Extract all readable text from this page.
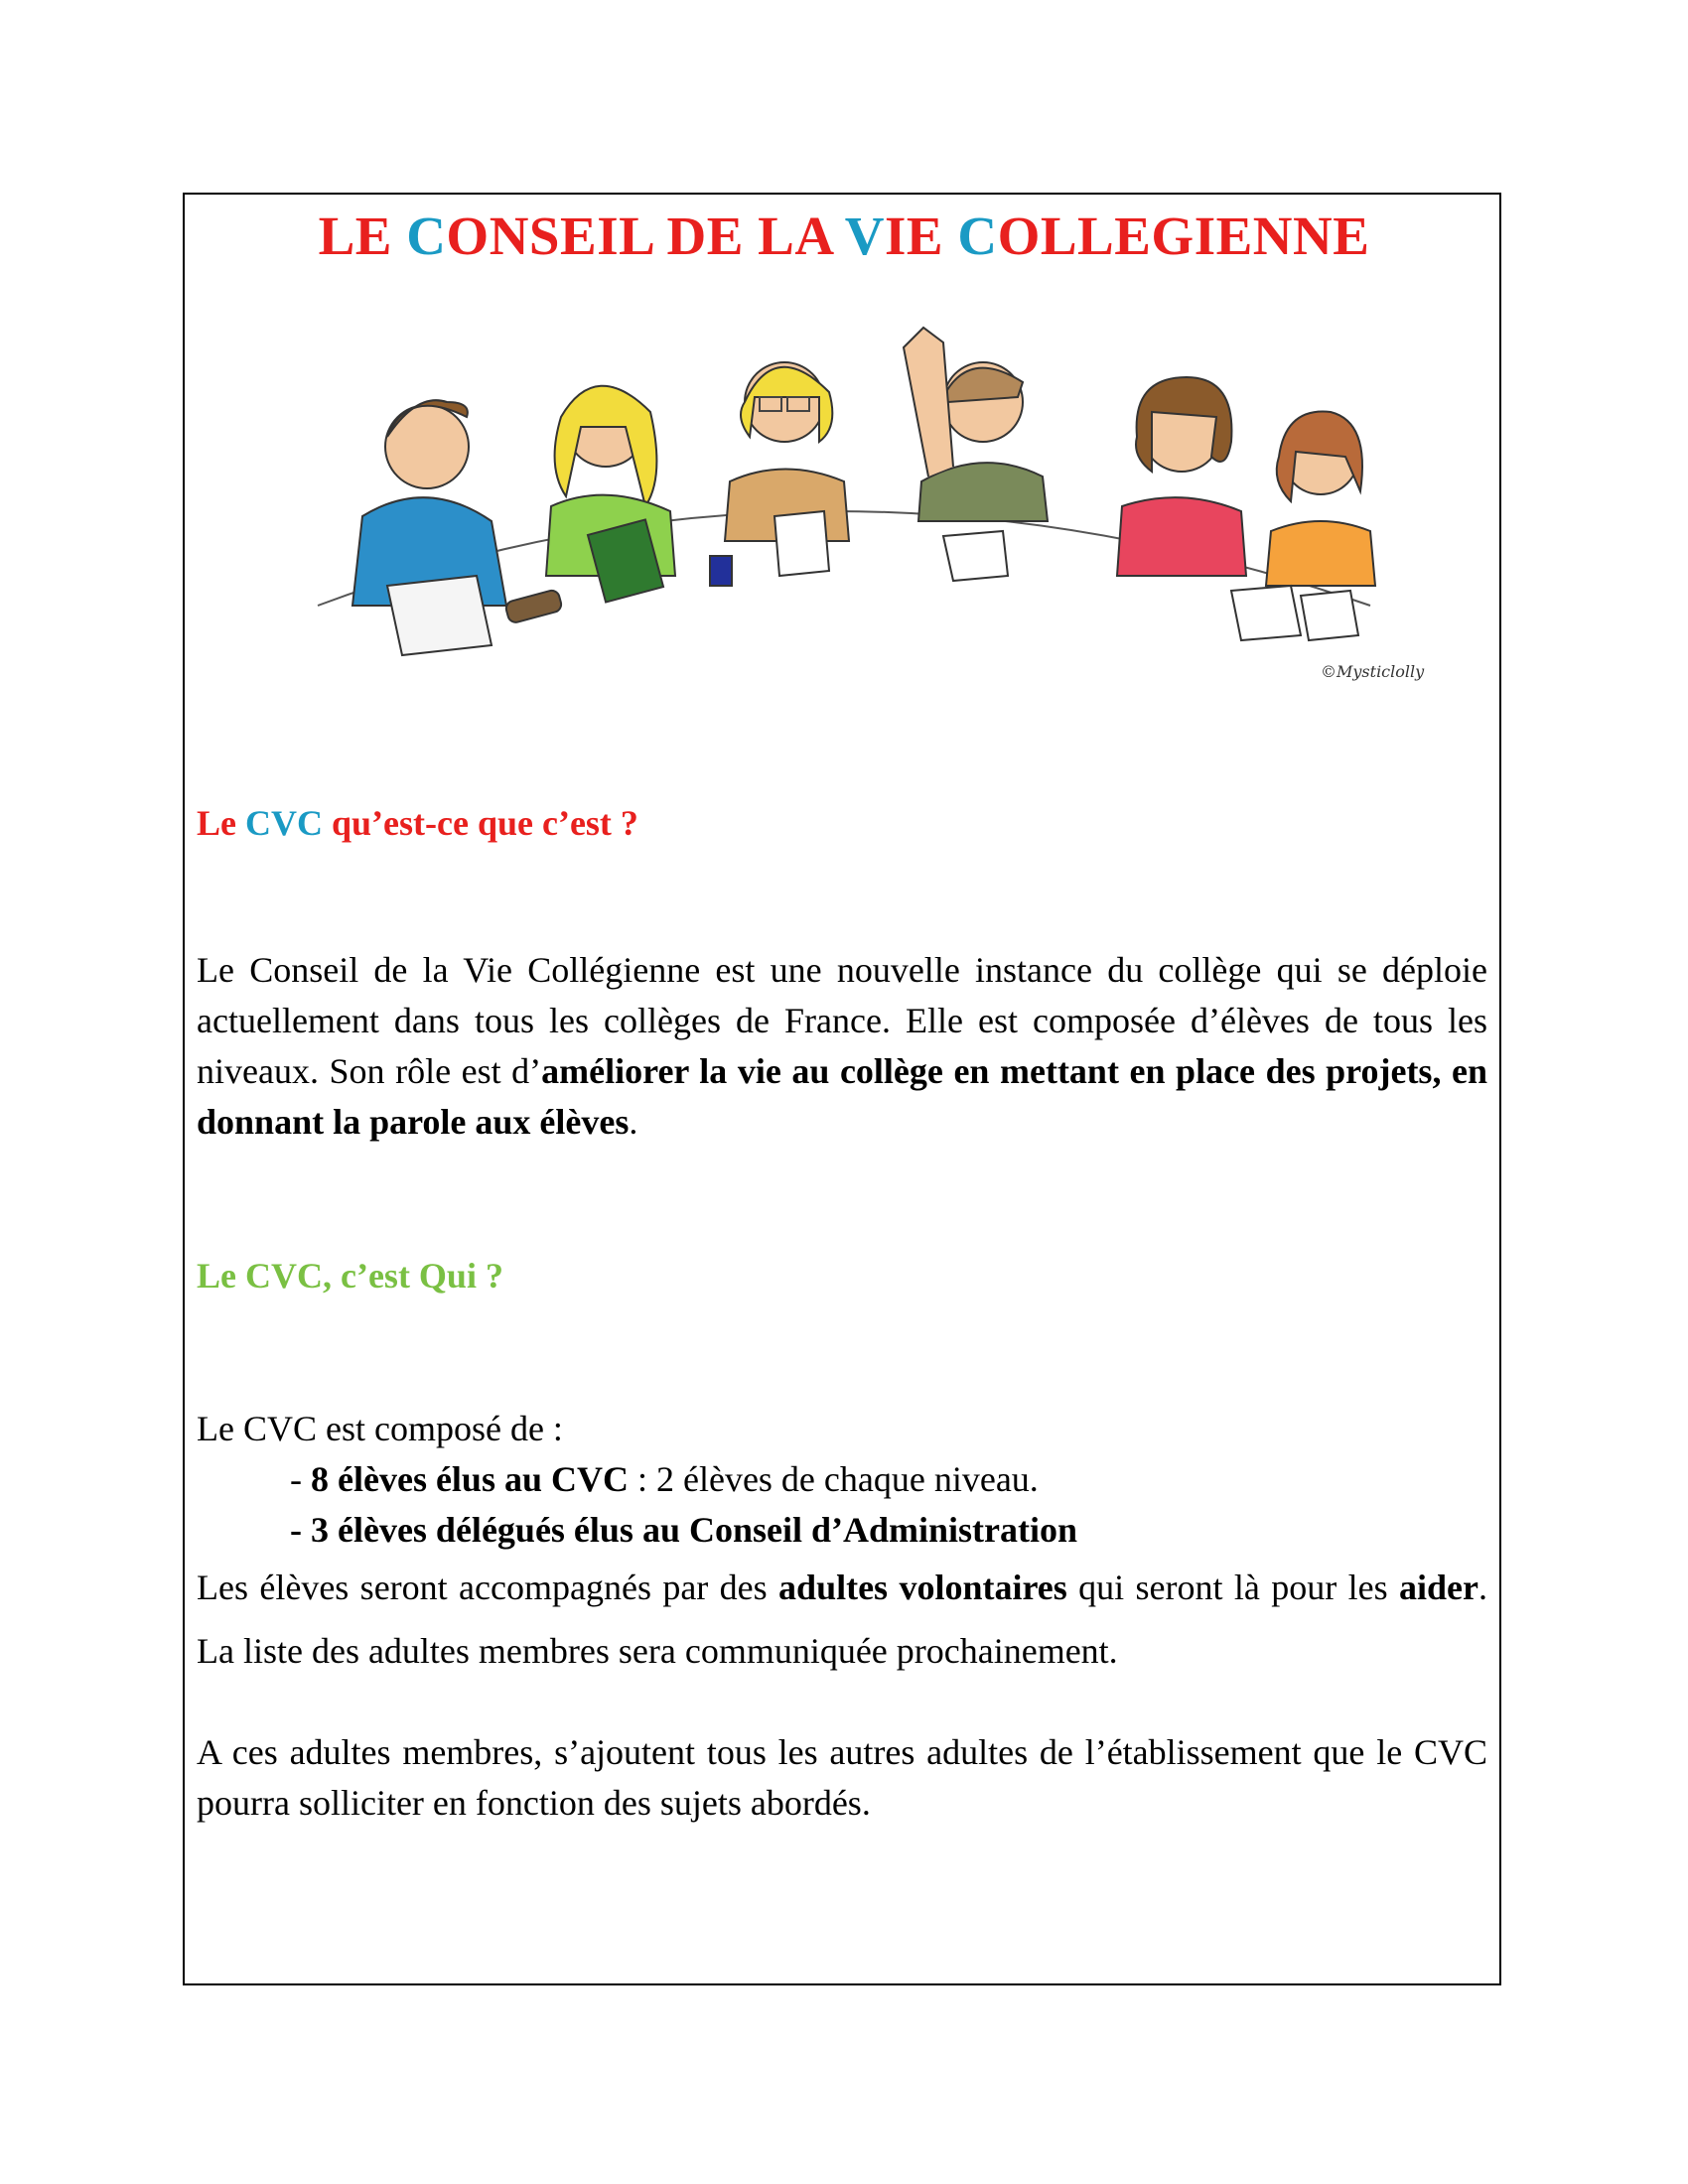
LE CONSEIL DE LA VIE COLLEGIENNE
©Mysticlolly
Le CVC qu’est-ce que c’est ?
Le Conseil de la Vie Collégienne est une nouvelle instance du collège qui se déploie actuellement dans tous les collèges de France. Elle est composée d’élèves de tous les niveaux. Son rôle est d’améliorer la vie au collège en mettant en place des projets, en donnant la parole aux élèves.
Le CVC, c’est Qui ?
Le CVC est composé de :
- 8 élèves élus au CVC : 2 élèves de chaque niveau.
- 3 élèves délégués élus au Conseil d’Administration
Les élèves seront accompagnés par des adultes volontaires qui seront là pour les aider. La liste des adultes membres sera communiquée prochainement.
A ces adultes membres, s’ajoutent tous les autres adultes de l’établissement que le CVC pourra solliciter en fonction des sujets abordés.
